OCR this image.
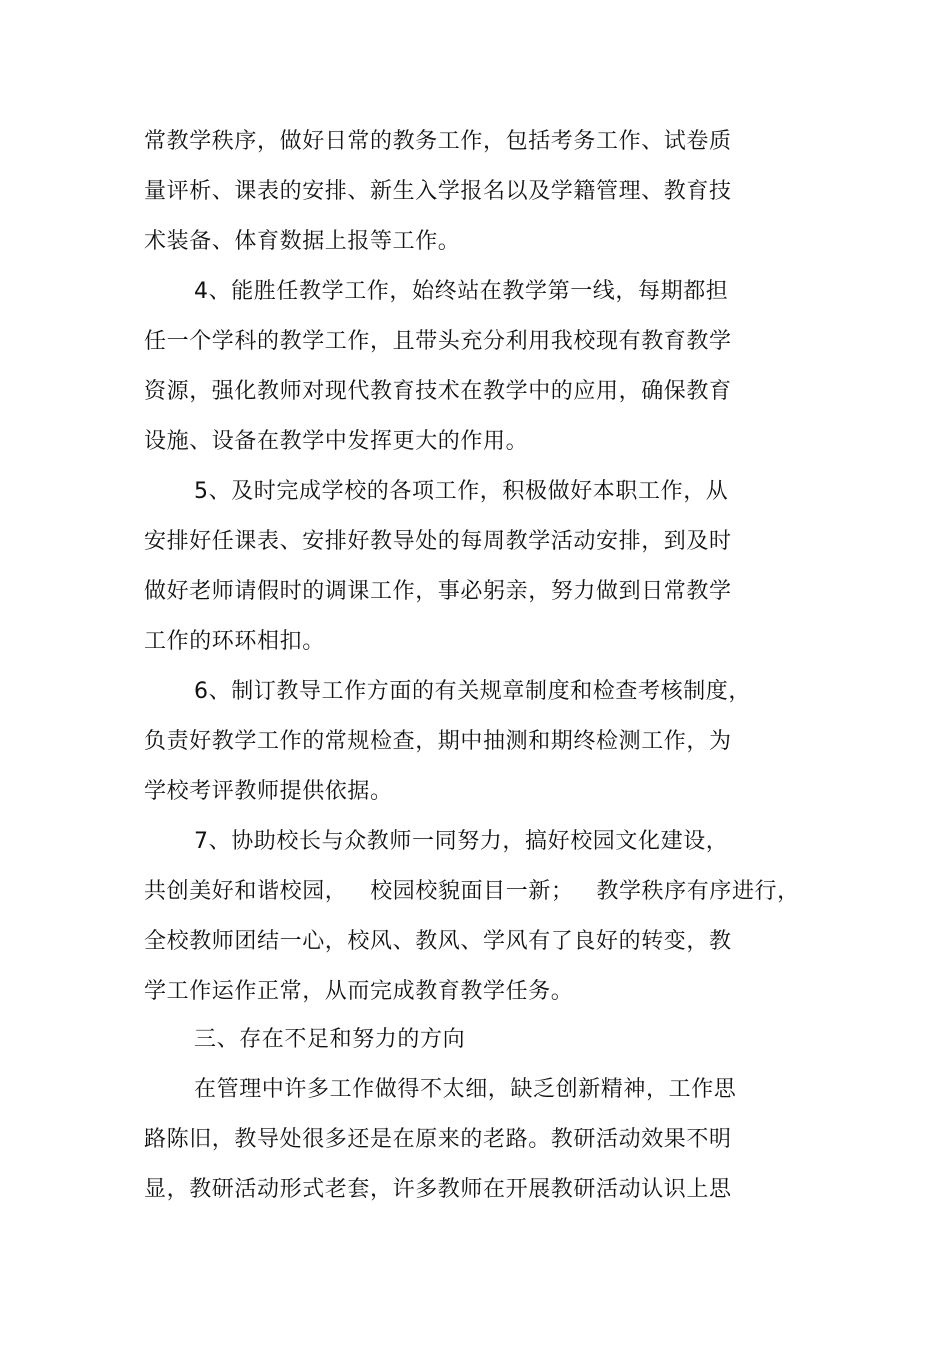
常教学秩序，做好日常的教务工作，包括考务工作、试卷质
量评析、课表的安排、新生入学报名以及学籍管理、教育技
术装备、体育数据上报等工作。
4、能胜任教学工作，始终站在教学第一线，每期都担
任一个学科的教学工作，且带头充分利用我校现有教育教学
资源，强化教师对现代教育技术在教学中的应用，确保教育
设施、设备在教学中发挥更大的作用。
5、及时完成学校的各项工作，积极做好本职工作，从
安排好任课表、安排好教导处的每周教学活动安排，到及时
做好老师请假时的调课工作，事必躬亲，努力做到日常教学
工作的环环相扣。
6、制订教导工作方面的有关规章制度和检查考核制度，
负责好教学工作的常规检查，期中抽测和期终检测工作，为
学校考评教师提供依据。
7、协助校长与众教师一同努力，搞好校园文化建设，
共创美好和谐校园，   校园校貌面目一新；   教学秩序有序进行，
全校教师团结一心，校风、教风、学风有了良好的转变，教
学工作运作正常，从而完成教育教学任务。
三、存在不足和努力的方向
在管理中许多工作做得不太细，缺乏创新精神，工作思
路陈旧，教导处很多还是在原来的老路。教研活动效果不明
显，教研活动形式老套，许多教师在开展教研活动认识上思
